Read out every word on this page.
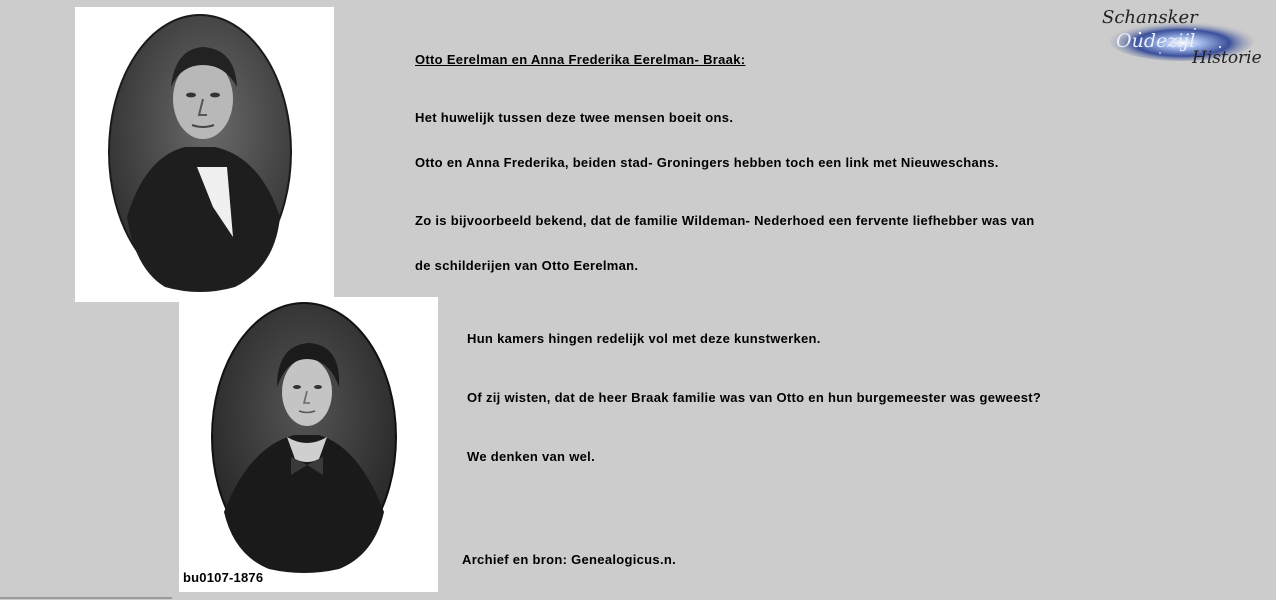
Schansker
Oudezijl
Historie
bu0107-1876
Otto Eerelman en Anna Frederika Eerelman- Braak:
Het huwelijk tussen deze twee mensen boeit ons.
Otto en Anna Frederika, beiden stad- Groningers hebben toch een link met Nieuweschans.
Zo is bijvoorbeeld bekend, dat de familie Wildeman- Nederhoed een fervente liefhebber was van
de schilderijen van Otto Eerelman.
Hun kamers hingen redelijk vol met deze kunstwerken.
Of zij wisten, dat de heer Braak familie was van Otto en hun burgemeester was geweest?
We denken van wel.
Archief en bron: Genealogicus.n.
